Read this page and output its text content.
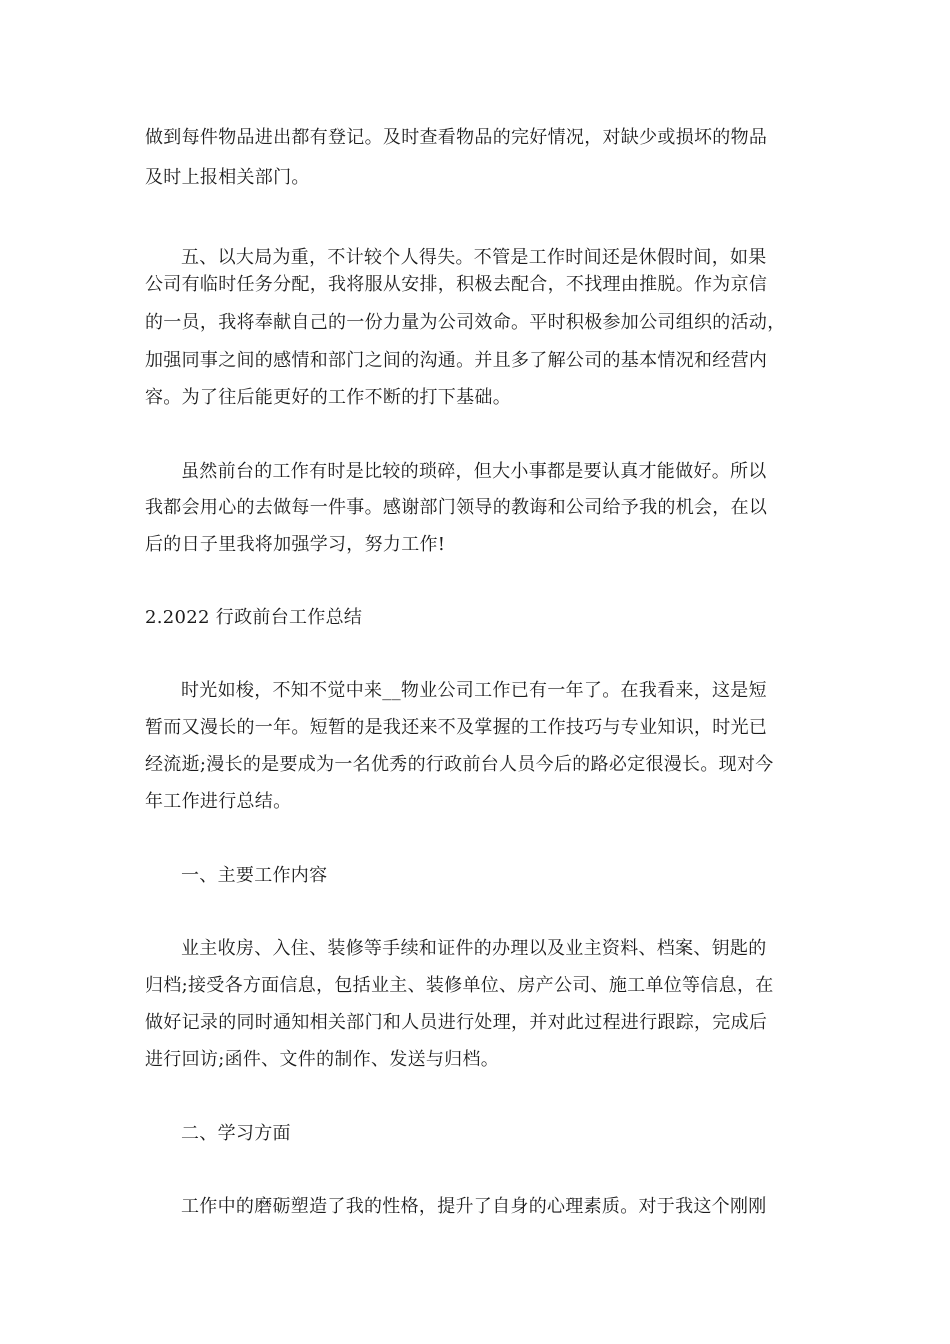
做到每件物品进出都有登记。及时查看物品的完好情况，对缺少或损坏的物品
及时上报相关部门。
五、以大局为重，不计较个人得失。不管是工作时间还是休假时间，如果
公司有临时任务分配，我将服从安排，积极去配合，不找理由推脱。作为京信
的一员，我将奉献自己的一份力量为公司效命。平时积极参加公司组织的活动，
加强同事之间的感情和部门之间的沟通。并且多了解公司的基本情况和经营内
容。为了往后能更好的工作不断的打下基础。
虽然前台的工作有时是比较的琐碎，但大小事都是要认真才能做好。所以
我都会用心的去做每一件事。感谢部门领导的教诲和公司给予我的机会，在以
后的日子里我将加强学习，努力工作!
2.2022 行政前台工作总结
时光如梭，不知不觉中来__物业公司工作已有一年了。在我看来，这是短
暂而又漫长的一年。短暂的是我还来不及掌握的工作技巧与专业知识，时光已
经流逝;漫长的是要成为一名优秀的行政前台人员今后的路必定很漫长。现对今
年工作进行总结。
一、主要工作内容
业主收房、入住、装修等手续和证件的办理以及业主资料、档案、钥匙的
归档;接受各方面信息，包括业主、装修单位、房产公司、施工单位等信息，在
做好记录的同时通知相关部门和人员进行处理，并对此过程进行跟踪，完成后
进行回访;函件、文件的制作、发送与归档。
二、学习方面
工作中的磨砺塑造了我的性格，提升了自身的心理素质。对于我这个刚刚
